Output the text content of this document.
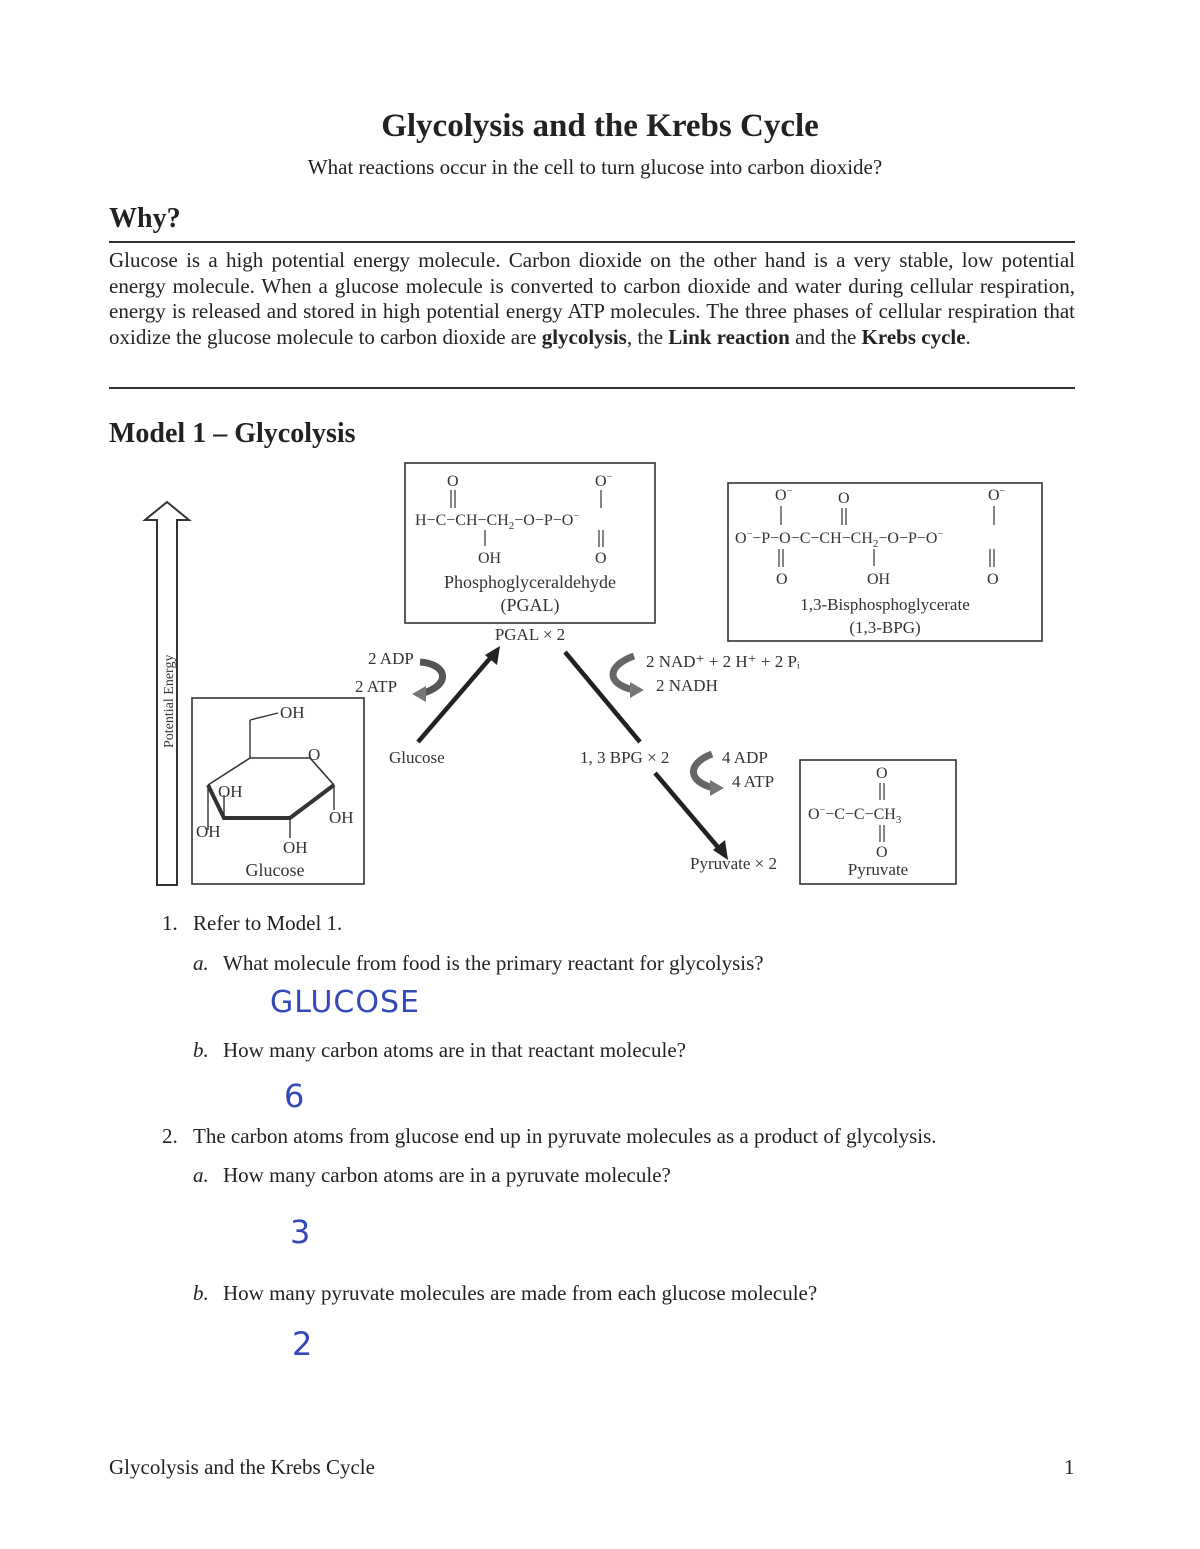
Glycolysis and the Krebs Cycle
What reactions occur in the cell to turn glucose into carbon dioxide?
Why?
Glucose is a high potential energy molecule. Carbon dioxide on the other hand is a very stable, low potential energy molecule. When a glucose molecule is converted to carbon dioxide and water during cellular respiration, energy is released and stored in high potential energy ATP molecules. The three phases of cellular respiration that oxidize the glucose molecule to carbon dioxide are glycolysis, the Link reaction and the Krebs cycle.
Model 1 – Glycolysis
Potential Energy	OH
O
OH
OH
OH
OH
Glucose
O	O−
$H-C-CH-CH_2-O-P-O^-$
OH	O
Phosphoglyceraldehyde
(PGAL)
PGAL × 2
O−	O	O−
$O^--P-O-C-CH-CH_2-O-P-O^-$
O	OH	O
1,3-Bisphosphoglycerate
(1,3-BPG)
O
$O^--C-C-CH_3$
O
Pyruvate
2 ADP
2 ATP
2 NAD⁺ + 2 H⁺ + 2 Pᵢ
2 NADH
Glucose	1, 3 BPG × 2	4 ADP
4 ATP
Pyruvate × 2
1. Refer to Model 1.
a. What molecule from food is the primary reactant for glycolysis?
GLUCOSE
b. How many carbon atoms are in that reactant molecule?
6
2. The carbon atoms from glucose end up in pyruvate molecules as a product of glycolysis.
a. How many carbon atoms are in a pyruvate molecule?
3
b. How many pyruvate molecules are made from each glucose molecule?
2
Glycolysis and the Krebs Cycle	1
